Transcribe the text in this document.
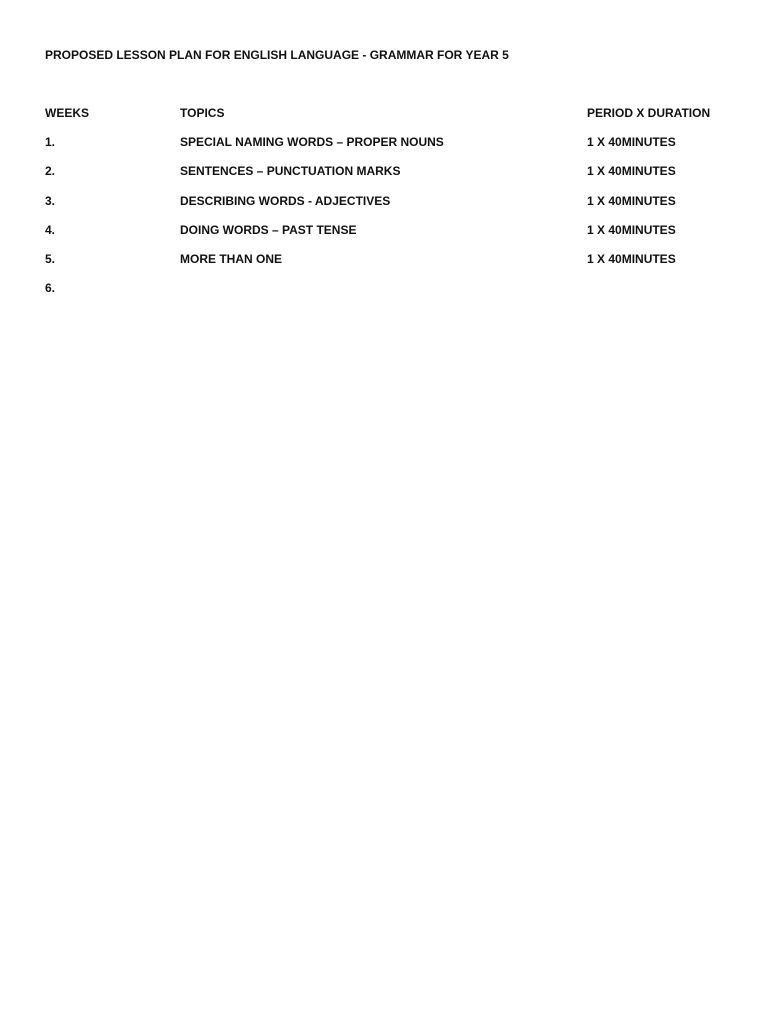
PROPOSED LESSON PLAN FOR ENGLISH LANGUAGE - GRAMMAR FOR YEAR 5
WEEKS	TOPICS	PERIOD X DURATION
1.	SPECIAL NAMING WORDS – PROPER NOUNS	1 X 40MINUTES
2.	SENTENCES – PUNCTUATION MARKS	1 X 40MINUTES
3.	DESCRIBING WORDS - ADJECTIVES	1 X 40MINUTES
4.	DOING WORDS – PAST TENSE	1 X 40MINUTES
5.	MORE THAN ONE	1 X 40MINUTES
6.
